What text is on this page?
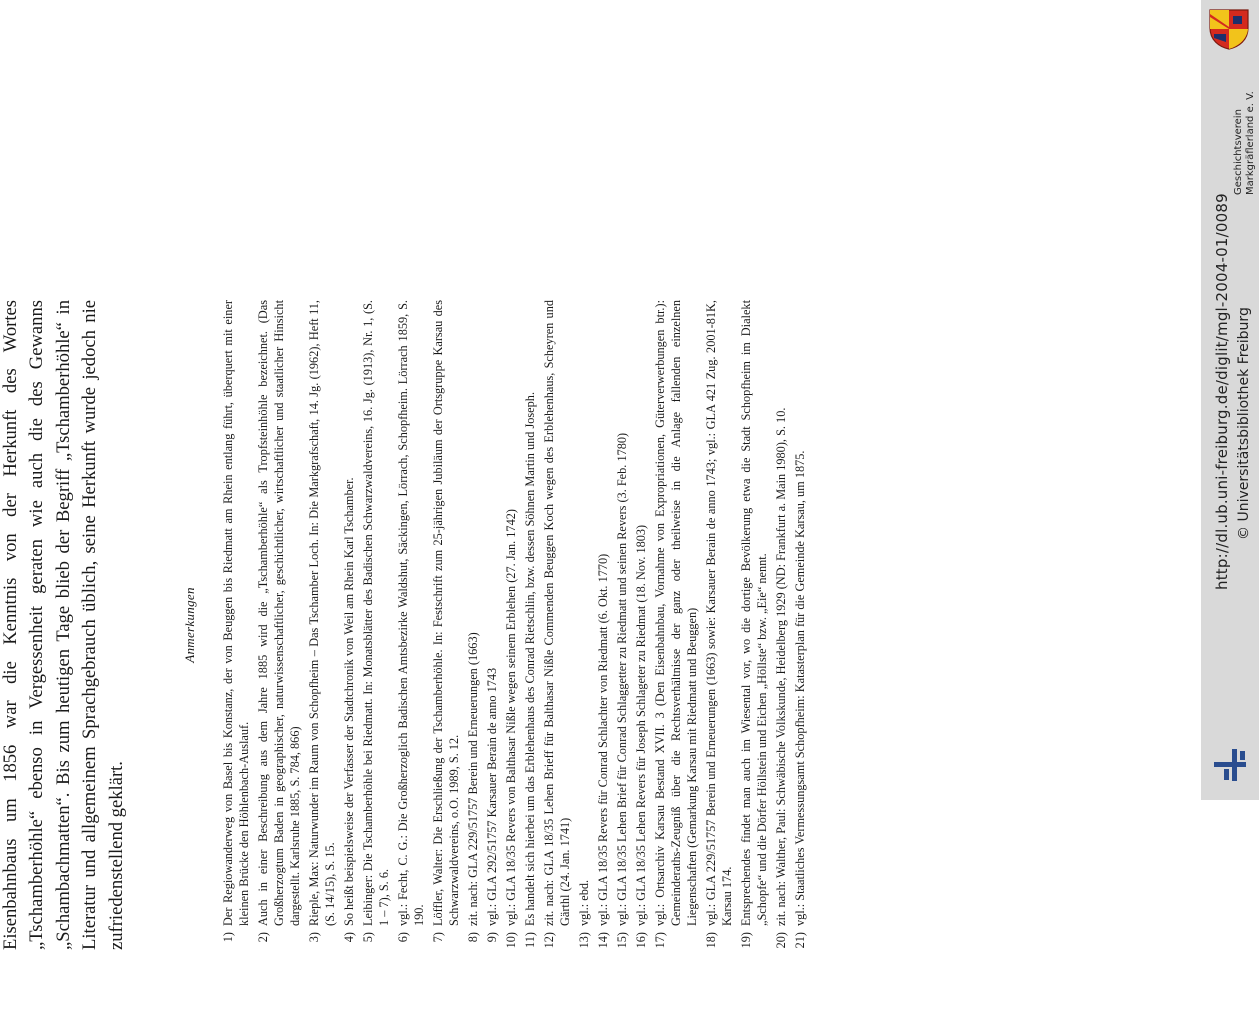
Eisenbahnbaus um 1856 war die Kenntnis von der Herkunft des Wortes „Tschamberhöhle“ ebenso in Vergessenheit geraten wie auch die des Gewanns „Schambachmatten“. Bis zum heutigen Tage blieb der Begriff „Tschamberhöhle“ in Literatur und allgemeinem Sprachgebrauch üblich, seine Herkunft wurde jedoch nie zufriedenstellend geklärt.

Anmerkungen
1)
Der Regiowanderweg von Basel bis Konstanz, der von Beuggen bis Riedmatt am Rhein entlang führt, überquert mit einer kleinen Brücke den Höhlenbach-Auslauf.
2)
Auch in einer Beschreibung aus dem Jahre 1885 wird die „Tschamberhöhle“ als Tropfsteinhöhle bezeichnet. (Das Großherzogtum Baden in geographischer, naturwissenschaftlicher, geschichtlicher, wirtschaftlicher und staatlicher Hinsicht dargestellt. Karlsruhe 1885, S. 784, 866)
3)
Rieple, Max: Naturwunder im Raum von Schopfheim – Das Tschamber Loch. In: Die Markgrafschaft, 14. Jg. (1962), Heft 11, (S. 14/15), S. 15.
4)
So heißt beispielsweise der Verfasser der Stadtchronik von Weil am Rhein Karl Tschamber.
5)
Leibinger: Die Tschamberhöhle bei Riedmatt. In: Monatsblätter des Badischen Schwarzwaldvereins, 16. Jg. (1913), Nr. 1, (S. 1 – 7), S. 6.
6)
vgl.: Fecht, C. G.: Die Großherzoglich Badischen Amtsbezirke Waldshut, Säckingen, Lörrach, Schopfheim. Lörrach 1859, S. 190.
7)
Löffler, Walter: Die Erschließung der Tschamberhöhle. In: Festschrift zum 25-jährigen Jubiläum der Ortsgruppe Karsau des Schwarzwaldvereins, o.O. 1989, S. 12.
8)
zit. nach: GLA 229/51757 Berein und Erneuerungen (1663)
9)
vgl.: GLA 292/51757 Karsauer Berain de anno 1743
10)
vgl.: GLA 18/35 Revers von Balthasar Nißle wegen seinem Erblehen (27. Jan. 1742)
11)
Es handelt sich hierbei um das Erblehenhaus des Conrad Rietschlin, bzw. dessen Söhnen Martin und Joseph.
12)
zit. nach: GLA 18/35 Lehen Brieff für Balthasar Nißle Commenden Beuggen Koch wegen des Erblehenhaus, Scheyren und Gärthl (24. Jan. 1741)
13)
vgl.: ebd.
14)
vgl.: GLA 18/35 Revers für Conrad Schlachter von Riedmatt (6. Okt. 1770)
15)
vgl.: GLA 18/35 Lehen Brief für Conrad Schlaggetter zu Riedmatt und seinen Revers (3. Feb. 1780)
16)
vgl.: GLA 18/35 Lehen Revers für Joseph Schlageter zu Riedmat (18. Nov. 1803)
17)
vgl.: Ortsarchiv Karsau Bestand XVII. 3 (Den Eisenbahnbau, Vornahme von Expropriationen, Güterverwerbungen btr.): Gemeinderaths-Zeugniß über die Rechtsverhältnisse der ganz oder theilweise in die Anlage fallenden einzelnen Liegenschaften (Gemarkung Karsau mit Riedmatt und Beuggen)
18)
vgl.: GLA 229/51757 Berein und Erneuerungen (1663) sowie: Karsauer Berain de anno 1743; vgl.: GLA 421 Zug. 2001-81K, Karsau 174.
19)
Entsprechendes findet man auch im Wiesental vor, wo die dortige Bevölkerung etwa die Stadt Schopfheim im Dialekt „Schopfe“ und die Dörfer Höllstein und Eichen „Höllste“ bzw. „Eie“ nennt.
20)
zit. nach: Walther, Paul: Schwäbische Volkskunde, Heidelberg 1929 (ND: Frankfurt a. Main 1980), S. 10.
21)
vgl.: Staatliches Vermessungsamt Schopfheim: Katasterplan für die Gemeinde Karsau, um 1875.
Geschichtsverein Markgräflerland e. V.
http://dl.ub.uni-freiburg.de/diglit/mgl-2004-01/0089 © Universitätsbibliothek Freiburg
